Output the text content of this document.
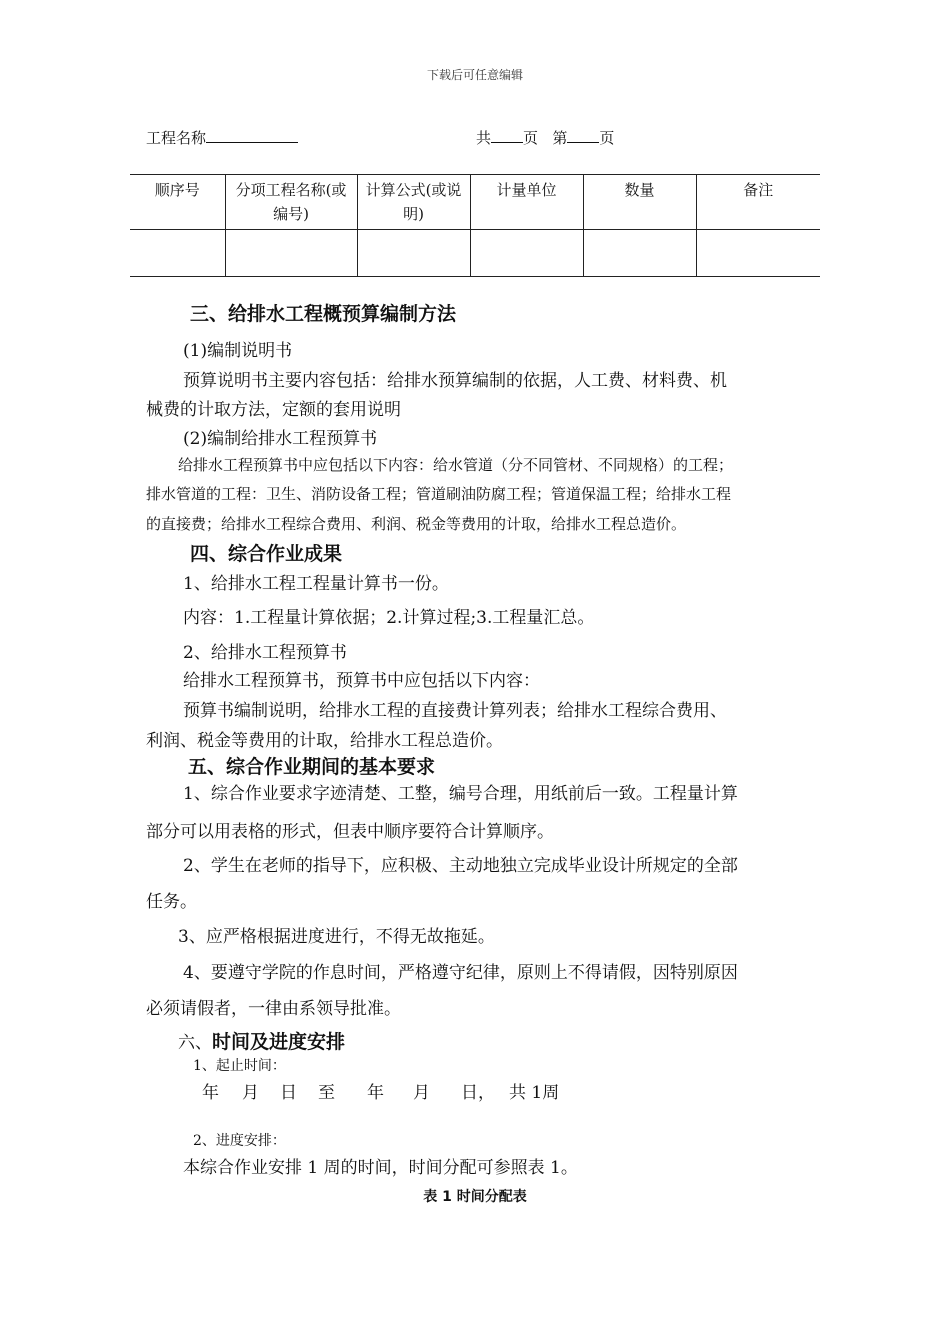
下载后可任意编辑
工程名称	共 页 第 页
顺序号	分项工程名称(或编号)	计算公式(或说明)	计量单位	数量	备注

三、给排水工程概预算编制方法
(1)编制说明书
预算说明书主要内容包括：给排水预算编制的依据，人工费、材料费、机
械费的计取方法，定额的套用说明
(2)编制给排水工程预算书
给排水工程预算书中应包括以下内容：给水管道（分不同管材、不同规格）的工程；
排水管道的工程：卫生、消防设备工程；管道刷油防腐工程；管道保温工程；给排水工程
的直接费；给排水工程综合费用、利润、税金等费用的计取，给排水工程总造价。
四、综合作业成果
1、给排水工程工程量计算书一份。
内容：1.工程量计算依据；2.计算过程;3.工程量汇总。
2、给排水工程预算书
给排水工程预算书，预算书中应包括以下内容：
预算书编制说明，给排水工程的直接费计算列表；给排水工程综合费用、
利润、税金等费用的计取，给排水工程总造价。
五、综合作业期间的基本要求
1、综合作业要求字迹清楚、工整，编号合理，用纸前后一致。工程量计算
部分可以用表格的形式，但表中顺序要符合计算顺序。
2、学生在老师的指导下，应积极、主动地独立完成毕业设计所规定的全部
任务。
3、应严格根据进度进行，不得无故拖延。
4、要遵守学院的作息时间，严格遵守纪律，原则上不得请假，因特别原因
必须请假者，一律由系领导批准。
六、时间及进度安排
1、起止时间：
年 月 日 至 年 月 日， 共 1周
2、进度安排：
本综合作业安排 1 周的时间，时间分配可参照表 1。
表 1 时间分配表
